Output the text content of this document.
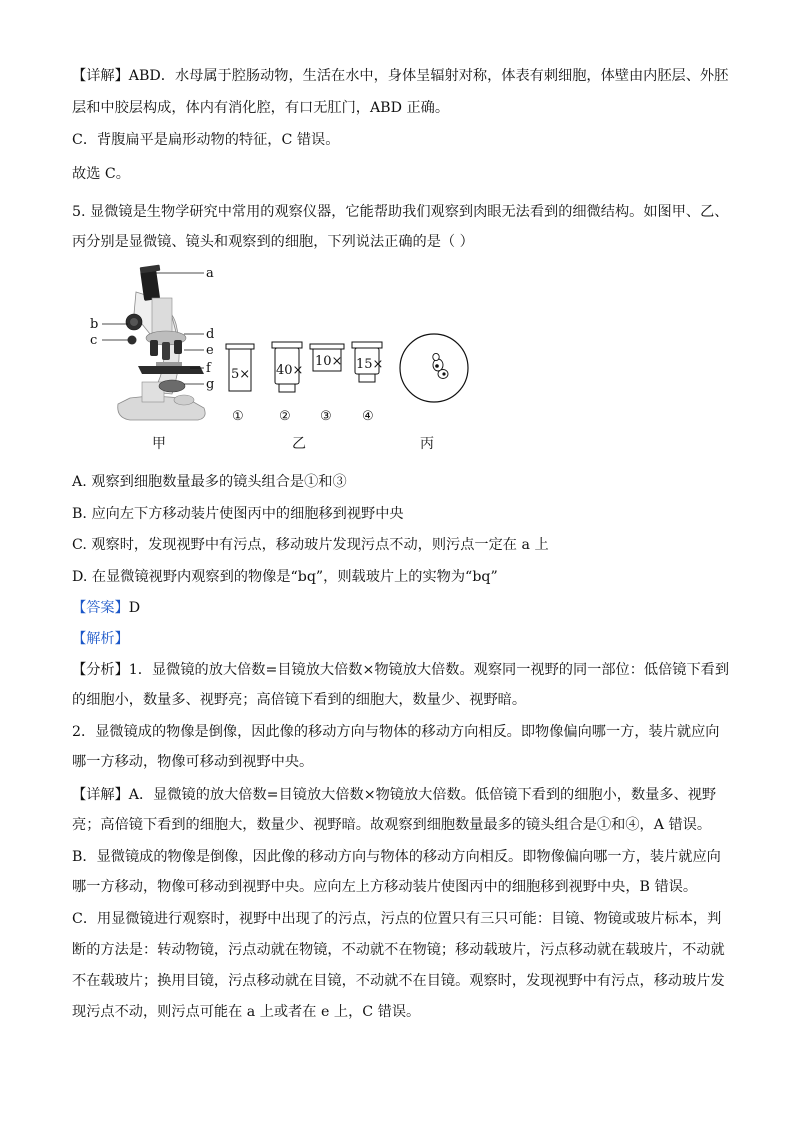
【详解】ABD．水母属于腔肠动物，生活在水中，身体呈辐射对称，体表有刺细胞，体壁由内胚层、外胚
层和中胶层构成，体内有消化腔，有口无肛门，ABD 正确。
C．背腹扁平是扁形动物的特征，C 错误。
故选 C。
5. 显微镜是生物学研究中常用的观察仪器，它能帮助我们观察到肉眼无法看到的细微结构。如图甲、乙、
丙分别是显微镜、镜头和观察到的细胞，下列说法正确的是（ ）
a
b
c	d
e
f
g
甲
5×
①
40×
②
10×
③
15×
④
乙	丙
A. 观察到细胞数量最多的镜头组合是①和③
B. 应向左下方移动装片使图丙中的细胞移到视野中央
C. 观察时，发现视野中有污点，移动玻片发现污点不动，则污点一定在 a 上
D. 在显微镜视野内观察到的物像是“bq”，则载玻片上的实物为“bq”
【答案】D
【解析】
【分析】1．显微镜的放大倍数=目镜放大倍数×物镜放大倍数。观察同一视野的同一部位：低倍镜下看到
的细胞小，数量多、视野亮；高倍镜下看到的细胞大，数量少、视野暗。
2．显微镜成的物像是倒像，因此像的移动方向与物体的移动方向相反。即物像偏向哪一方，装片就应向
哪一方移动，物像可移动到视野中央。
【详解】A．显微镜的放大倍数=目镜放大倍数×物镜放大倍数。低倍镜下看到的细胞小，数量多、视野
亮；高倍镜下看到的细胞大，数量少、视野暗。故观察到细胞数量最多的镜头组合是①和④，A 错误。
B．显微镜成的物像是倒像，因此像的移动方向与物体的移动方向相反。即物像偏向哪一方，装片就应向
哪一方移动，物像可移动到视野中央。应向左上方移动装片使图丙中的细胞移到视野中央，B 错误。
C．用显微镜进行观察时，视野中出现了的污点，污点的位置只有三只可能：目镜、物镜或玻片标本，判
断的方法是：转动物镜，污点动就在物镜，不动就不在物镜；移动载玻片，污点移动就在载玻片，不动就
不在载玻片；换用目镜，污点移动就在目镜，不动就不在目镜。观察时，发现视野中有污点，移动玻片发
现污点不动，则污点可能在 a 上或者在 e 上，C 错误。
